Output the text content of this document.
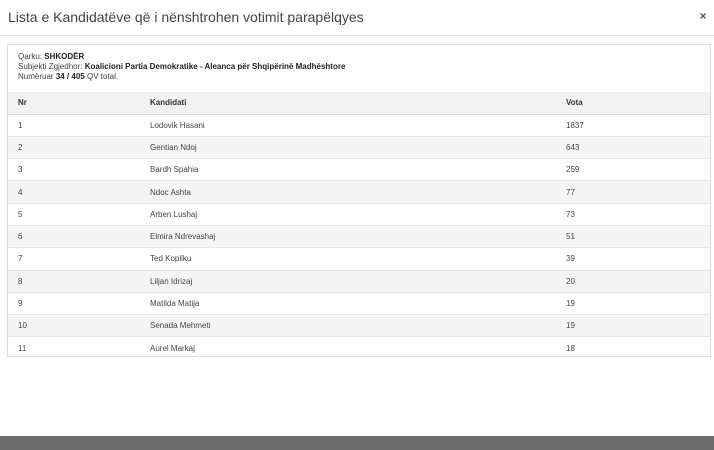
Lista e Kandidatëve që i nënshtrohen votimit parapëlqyes	×
Qarku: SHKODËR
Subjekti Zgjedhor: Koalicioni Partia Demokratike - Aleanca për Shqipërinë Madhështore
Numëruar 34 / 405 QV total.
Nr	Kandidati	Vota
1	Lodovik Hasani	1837
2	Gentian Ndoj	643
3	Bardh Spahia	259
4	Ndoc Ashta	77
5	Arben Lushaj	73
6	Elmira Ndrevashaj	51
7	Ted Kopliku	39
8	Liljan Idrizaj	20
9	Matilda Matija	19
10	Senada Mehmeti	19
11	Aurel Markaj	18
